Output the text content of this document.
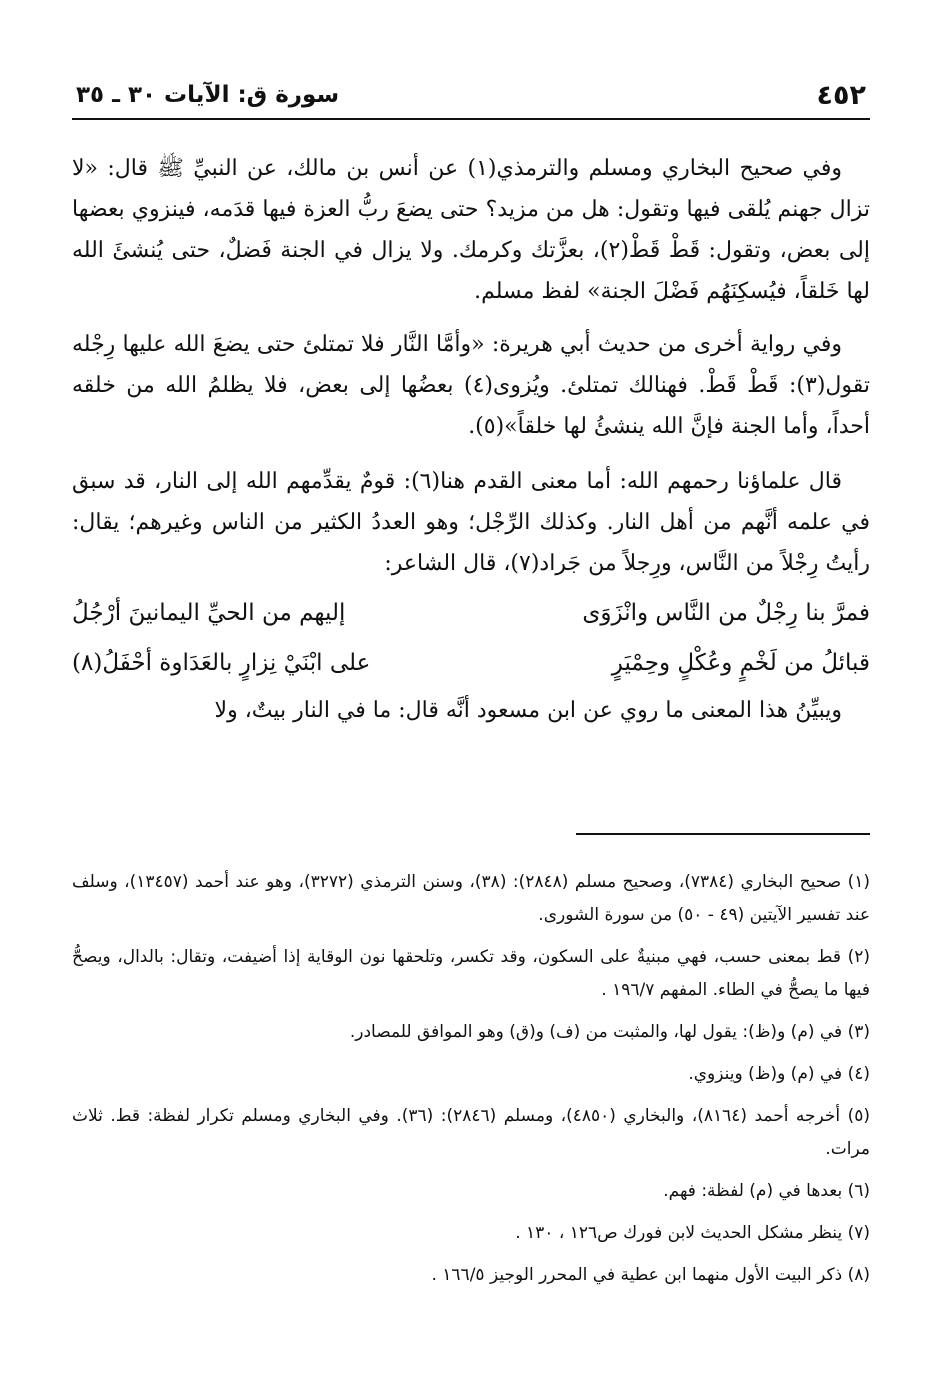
٤٥٢
سورة ق: الآيات ٣٠ ـ ٣٥

وفي صحيح البخاري ومسلم والترمذي(١) عن أنس بن مالك، عن النبيِّ ﷺ قال: «لا تزال جهنم يُلقى فيها وتقول: هل من مزيد؟ حتى يضعَ ربُّ العزة فيها قدَمه، فينزوي بعضها إلى بعض، وتقول: قَطْ قَطْ(٢)، بعزَّتك وكرمك. ولا يزال في الجنة فَضلٌ، حتى يُنشئَ الله لها خَلقاً، فيُسكِنَهُم فَضْلَ الجنة» لفظ مسلم.

وفي رواية أخرى من حديث أبي هريرة: «وأمَّا النَّار فلا تمتلئ حتى يضعَ الله عليها رِجْله تقول(٣): قَطْ قَطْ. فهنالك تمتلئ. ويُزوى(٤) بعضُها إلى بعض، فلا يظلمُ الله من خلقه أحداً، وأما الجنة فإنَّ الله ينشئُ لها خلقاً»(٥).

قال علماؤنا رحمهم الله: أما معنى القدم هنا(٦): قومٌ يقدِّمهم الله إلى النار، قد سبق في علمه أنَّهم من أهل النار. وكذلك الرِّجْل؛ وهو العددُ الكثير من الناس وغيرهم؛ يقال: رأيتُ رِجْلاً من النَّاس، ورِجلاً من جَراد(٧)، قال الشاعر:

فمرَّ بنا رِجْلٌ من النَّاس وانْزَوَى
إليهم من الحيِّ اليمانينَ أرْجُلُ
قبائلُ من لَخْمٍ وعُكْلٍ وحِمْيَرٍ
على ابْنَيْ نِزارٍ بالعَدَاوة أحْفَلُ(٨)

ويبيِّنُ هذا المعنى ما روي عن ابن مسعود أنَّه قال: ما في النار بيتٌ، ولا

(١) صحيح البخاري (٧٣٨٤)، وصحيح مسلم (٢٨٤٨): (٣٨)، وسنن الترمذي (٣٢٧٢)، وهو عند أحمد (١٣٤٥٧)، وسلف عند تفسير الآيتين (٤٩ - ٥٠) من سورة الشورى.

(٢) قط بمعنى حسب، فهي مبنيةٌ على السكون، وقد تكسر، وتلحقها نون الوقاية إذا أضيفت، وتقال: بالدال، ويصحُّ فيها ما يصحُّ في الطاء. المفهم ١٩٦/٧ .

(٣) في (م) و(ظ): يقول لها، والمثبت من (ف) و(ق) وهو الموافق للمصادر.

(٤) في (م) و(ظ) وينزوي.

(٥) أخرجه أحمد (٨١٦٤)، والبخاري (٤٨٥٠)، ومسلم (٢٨٤٦): (٣٦). وفي البخاري ومسلم تكرار لفظة: قط. ثلاث مرات.

(٦) بعدها في (م) لفظة: فهم.

(٧) ينظر مشكل الحديث لابن فورك ص١٢٦ ، ١٣٠ .

(٨) ذكر البيت الأول منهما ابن عطية في المحرر الوجيز ١٦٦/٥ .
